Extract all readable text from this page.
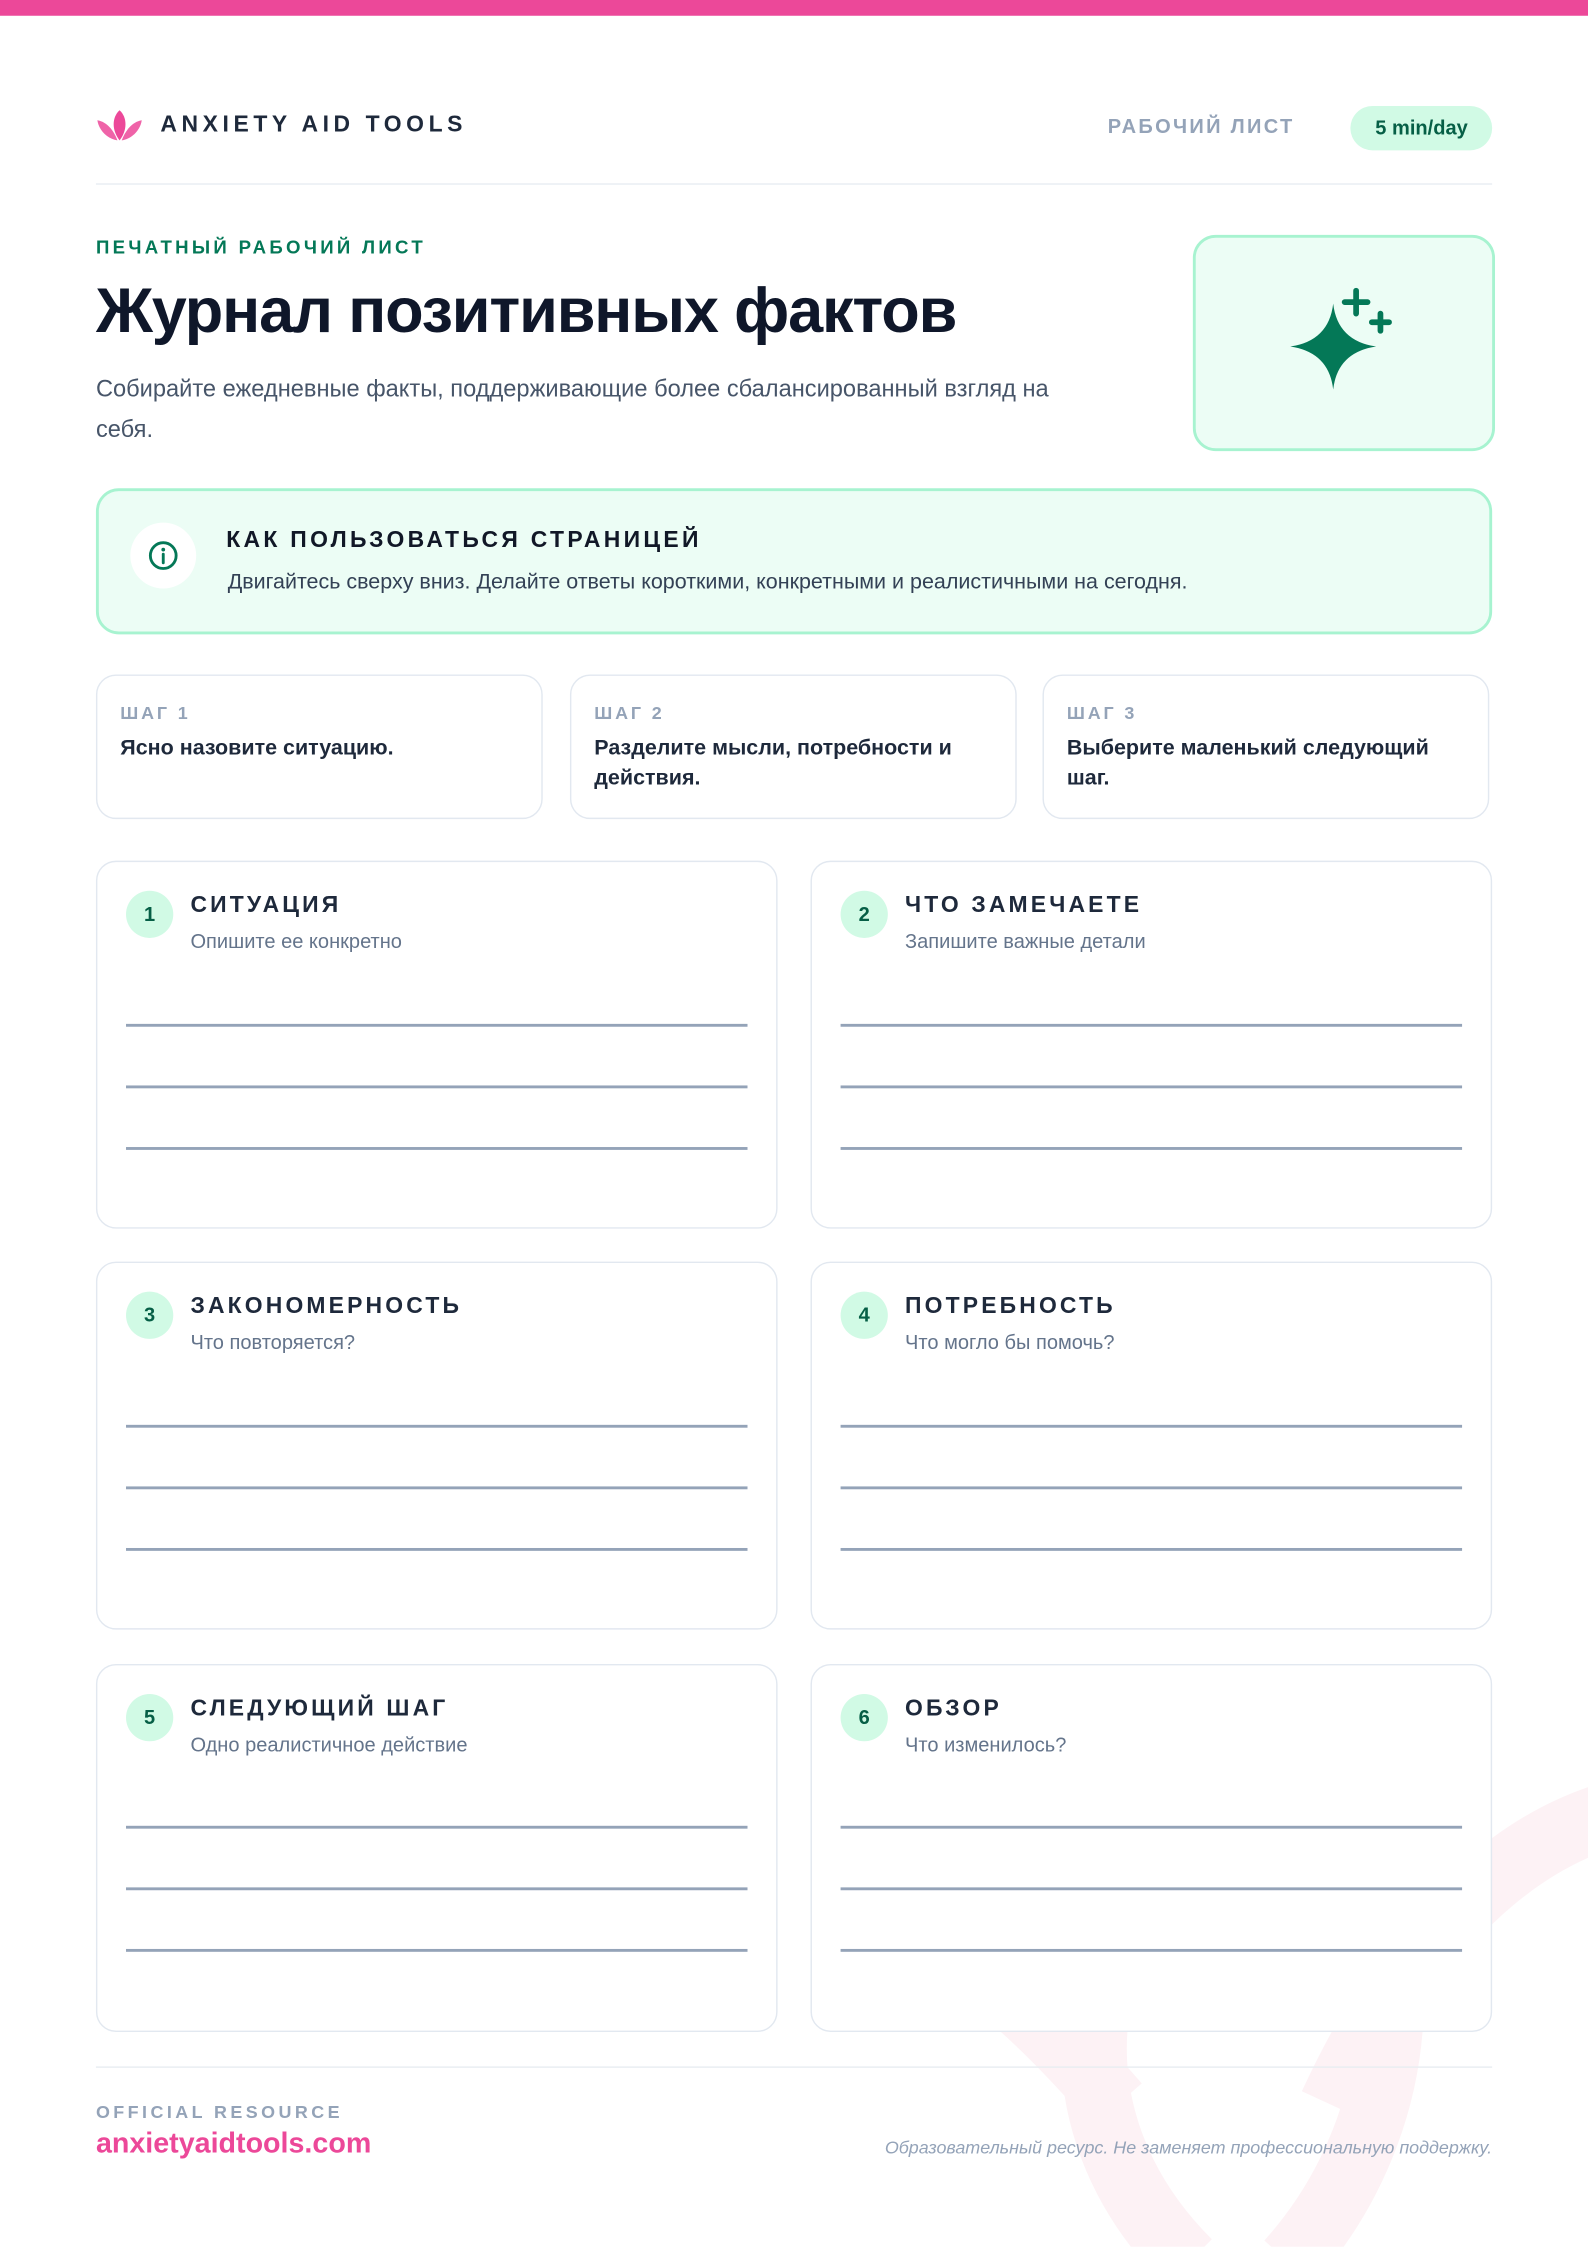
ANXIETY AID TOOLS	РАБОЧИЙ ЛИСТ	5 min/day
ПЕЧАТНЫЙ РАБОЧИЙ ЛИСТ
Журнал позитивных фактов
Собирайте ежедневные факты, поддерживающие более сбалансированный взгляд на себя.
КАК ПОЛЬЗОВАТЬСЯ СТРАНИЦЕЙ
Двигайтесь сверху вниз. Делайте ответы короткими, конкретными и реалистичными на сегодня.
ШАГ 1
Ясно назовите ситуацию.
ШАГ 2
Разделите мысли, потребности и действия.
ШАГ 3
Выберите маленький следующий шаг.
1	СИТУАЦИЯ
Опишите ее конкретно
2	ЧТО ЗАМЕЧАЕТЕ
Запишите важные детали
3	ЗАКОНОМЕРНОСТЬ
Что повторяется?
4	ПОТРЕБНОСТЬ
Что могло бы помочь?
5	СЛЕДУЮЩИЙ ШАГ
Одно реалистичное действие
6	ОБЗОР
Что изменилось?
OFFICIAL RESOURCE
anxietyaidtools.com	Образовательный ресурс. Не заменяет профессиональную поддержку.
